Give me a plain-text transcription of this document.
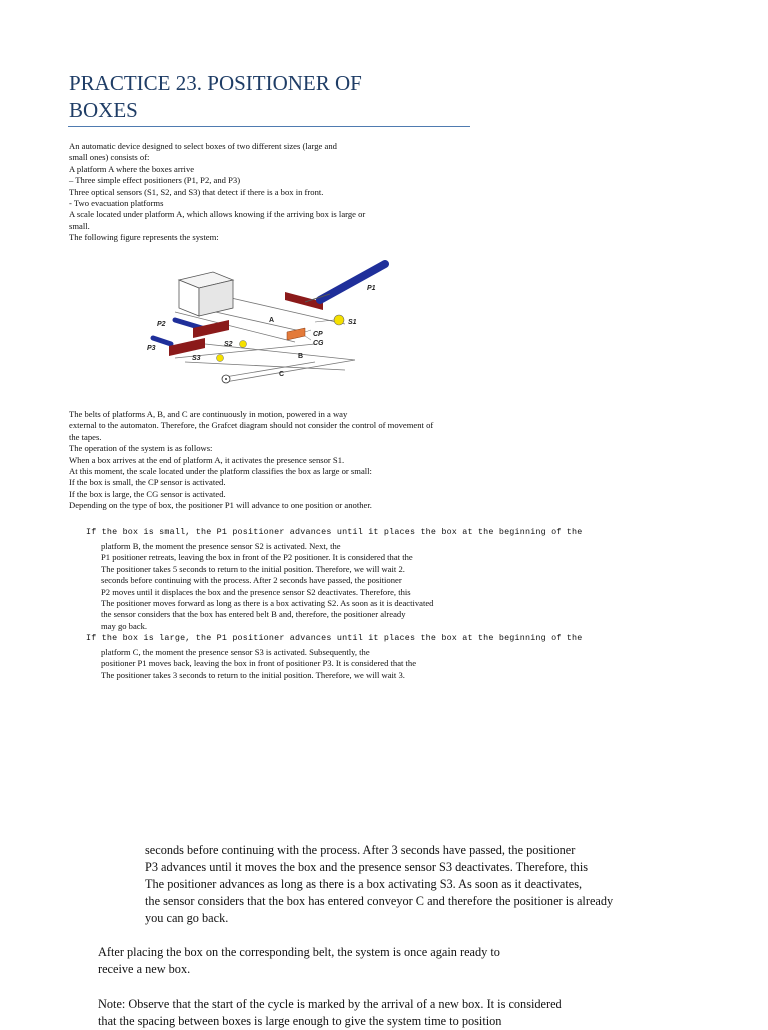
PRACTICE 23. POSITIONER OF
BOXES

An automatic device designed to select boxes of two different sizes (large and

small ones) consists of:

A platform A where the boxes arrive

– Three simple effect positioners (P1, P2, and P3)

Three optical sensors (S1, S2, and S3) that detect if there is a box in front.

- Two evacuation platforms

A scale located under platform A, which allows knowing if the arriving box is large or

small.

The following figure represents the system:

P1
S1
A
CP
CG
P2
P3
S2
S3	B
C

The belts of platforms A, B, and C are continuously in motion, powered in a way

external to the automaton. Therefore, the Grafcet diagram should not consider the control of movement of

the tapes.

The operation of the system is as follows:

When a box arrives at the end of platform A, it activates the presence sensor S1.

At this moment, the scale located under the platform classifies the box as large or small:

If the box is small, the CP sensor is activated.

If the box is large, the CG sensor is activated.

Depending on the type of box, the positioner P1 will advance to one position or another.

If the box is small, the P1 positioner advances until it places the box at the beginning of the

platform B, the moment the presence sensor S2 is activated. Next, the

P1 positioner retreats, leaving the box in front of the P2 positioner. It is considered that the

The positioner takes 5 seconds to return to the initial position. Therefore, we will wait 2.

seconds before continuing with the process. After 2 seconds have passed, the positioner

P2 moves until it displaces the box and the presence sensor S2 deactivates. Therefore, this

The positioner moves forward as long as there is a box activating S2. As soon as it is deactivated

the sensor considers that the box has entered belt B and, therefore, the positioner already

may go back.

If the box is large, the P1 positioner advances until it places the box at the beginning of the

platform C, the moment the presence sensor S3 is activated. Subsequently, the

positioner P1 moves back, leaving the box in front of positioner P3. It is considered that the

The positioner takes 3 seconds to return to the initial position. Therefore, we will wait 3.

seconds before continuing with the process. After 3 seconds have passed, the positioner

P3 advances until it moves the box and the presence sensor S3 deactivates. Therefore, this

The positioner advances as long as there is a box activating S3. As soon as it deactivates,

the sensor considers that the box has entered conveyor C and therefore the positioner is already

you can go back.

After placing the box on the corresponding belt, the system is once again ready to

receive a new box.

Note: Observe that the start of the cycle is marked by the arrival of a new box. It is considered

that the spacing between boxes is large enough to give the system time to position
